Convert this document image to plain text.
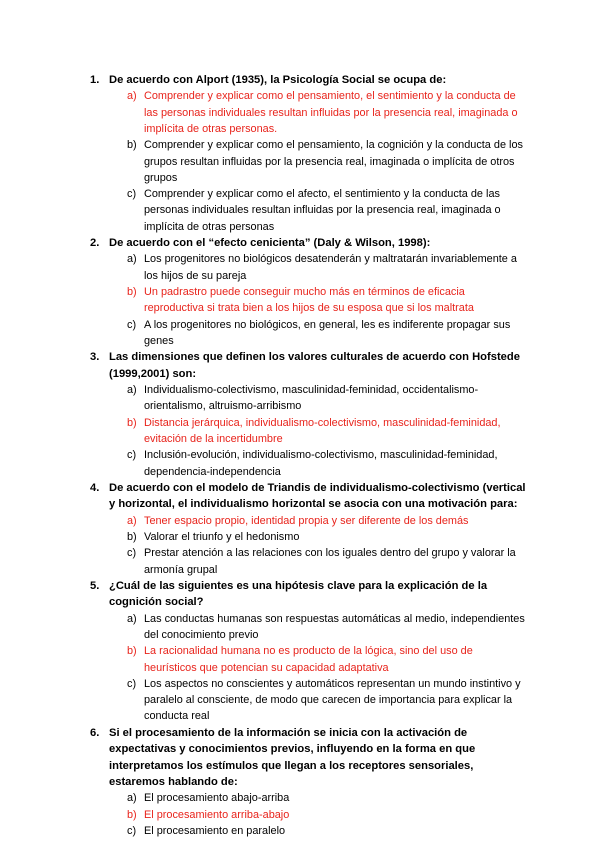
1. De acuerdo con Alport (1935), la Psicología Social se ocupa de:
a) Comprender y explicar como el pensamiento, el sentimiento y la conducta de las personas individuales resultan influidas por la presencia real, imaginada o implícita de otras personas.
b) Comprender y explicar como el pensamiento, la cognición y la conducta de los grupos resultan influidas por la presencia real, imaginada o implícita de otros grupos
c) Comprender y explicar como el afecto, el sentimiento y la conducta de las personas individuales resultan influidas por la presencia real, imaginada o implícita de otras personas
2. De acuerdo con el “efecto cenicienta” (Daly & Wilson, 1998):
a) Los progenitores no biológicos desatenderán y maltratarán invariablemente a los hijos de su pareja
b) Un padrastro puede conseguir mucho más en términos de eficacia reproductiva si trata bien a los hijos de su esposa que si los maltrata
c) A los progenitores no biológicos, en general, les es indiferente propagar sus genes
3. Las dimensiones que definen los valores culturales de acuerdo con Hofstede (1999,2001) son:
a) Individualismo-colectivismo, masculinidad-feminidad, occidentalismo-orientalismo, altruismo-arribismo
b) Distancia jerárquica, individualismo-colectivismo, masculinidad-feminidad, evitación de la incertidumbre
c) Inclusión-evolución, individualismo-colectivismo, masculinidad-feminidad, dependencia-independencia
4. De acuerdo con el modelo de Triandis de individualismo-colectivismo (vertical y horizontal, el individualismo horizontal se asocia con una motivación para:
a) Tener espacio propio, identidad propia y ser diferente de los demás
b) Valorar el triunfo y el hedonismo
c) Prestar atención a las relaciones con los iguales dentro del grupo y valorar la armonía grupal
5. ¿Cuál de las siguientes es una hipótesis clave para la explicación de la cognición social?
a) Las conductas humanas son respuestas automáticas al medio, independientes del conocimiento previo
b) La racionalidad humana no es producto de la lógica, sino del uso de heurísticos que potencian su capacidad adaptativa
c) Los aspectos no conscientes y automáticos representan un mundo instintivo y paralelo al consciente, de modo que carecen de importancia para explicar la conducta real
6. Si el procesamiento de la información se inicia con la activación de expectativas y conocimientos previos, influyendo en la forma en que interpretamos los estímulos que llegan a los receptores sensoriales, estaremos hablando de:
a) El procesamiento abajo-arriba
b) El procesamiento arriba-abajo
c) El procesamiento en paralelo
